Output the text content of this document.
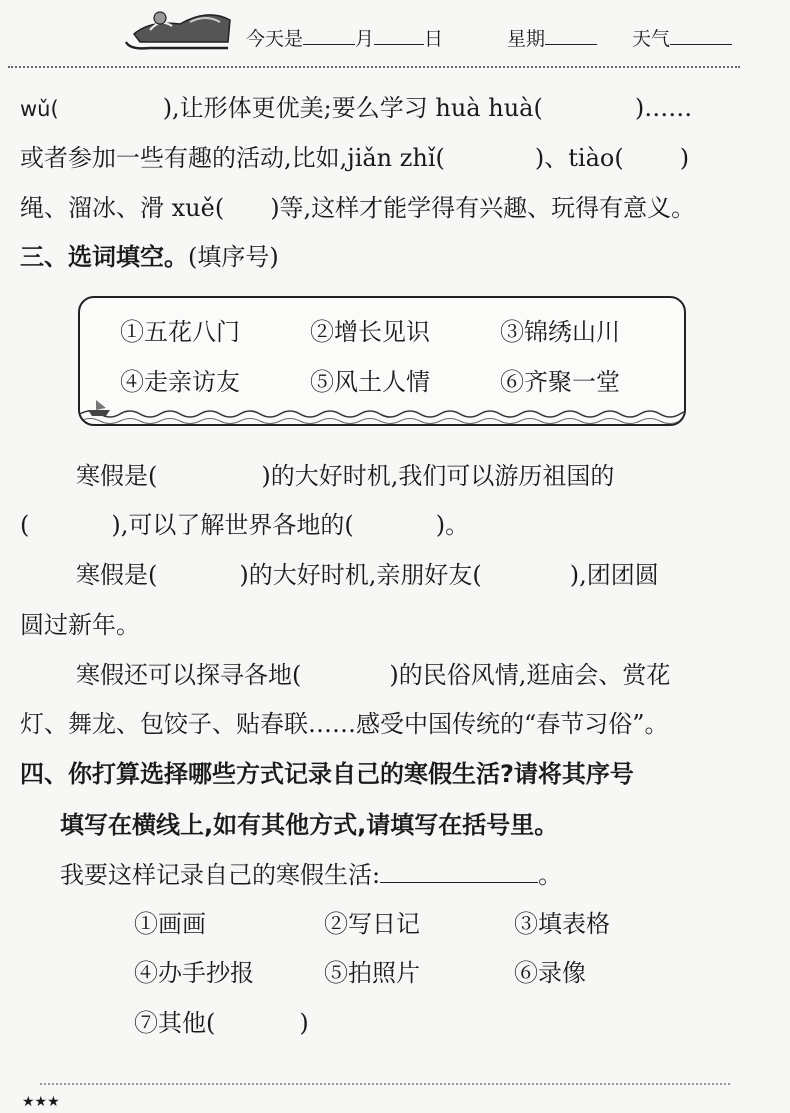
今天是	月	日	星期	天气
wǔ(	),让形体更优美;要么学习 huà huà(	)……
或者参加一些有趣的活动,比如,jiǎn zhǐ(	)、tiào( )
绳、溜冰、滑 xuě( )等,这样才能学得有兴趣、玩得有意义。
三、选词填空。(填序号)
①五花八门	②增长见识	③锦绣山川
④走亲访友	⑤风土人情	⑥齐聚一堂
寒假是(	)的大好时机,我们可以游历祖国的
(	),可以了解世界各地的(	)。
寒假是(	)的大好时机,亲朋好友(	),团团圆
圆过新年。
寒假还可以探寻各地(	)的民俗风情,逛庙会、赏花
灯、舞龙、包饺子、贴春联……感受中国传统的“春节习俗”。
四、你打算选择哪些方式记录自己的寒假生活?请将其序号
填写在横线上,如有其他方式,请填写在括号里。
我要这样记录自己的寒假生活:	。
①画画	②写日记	③填表格
④办手抄报	⑤拍照片	⑥录像
⑦其他(	)
★★★
